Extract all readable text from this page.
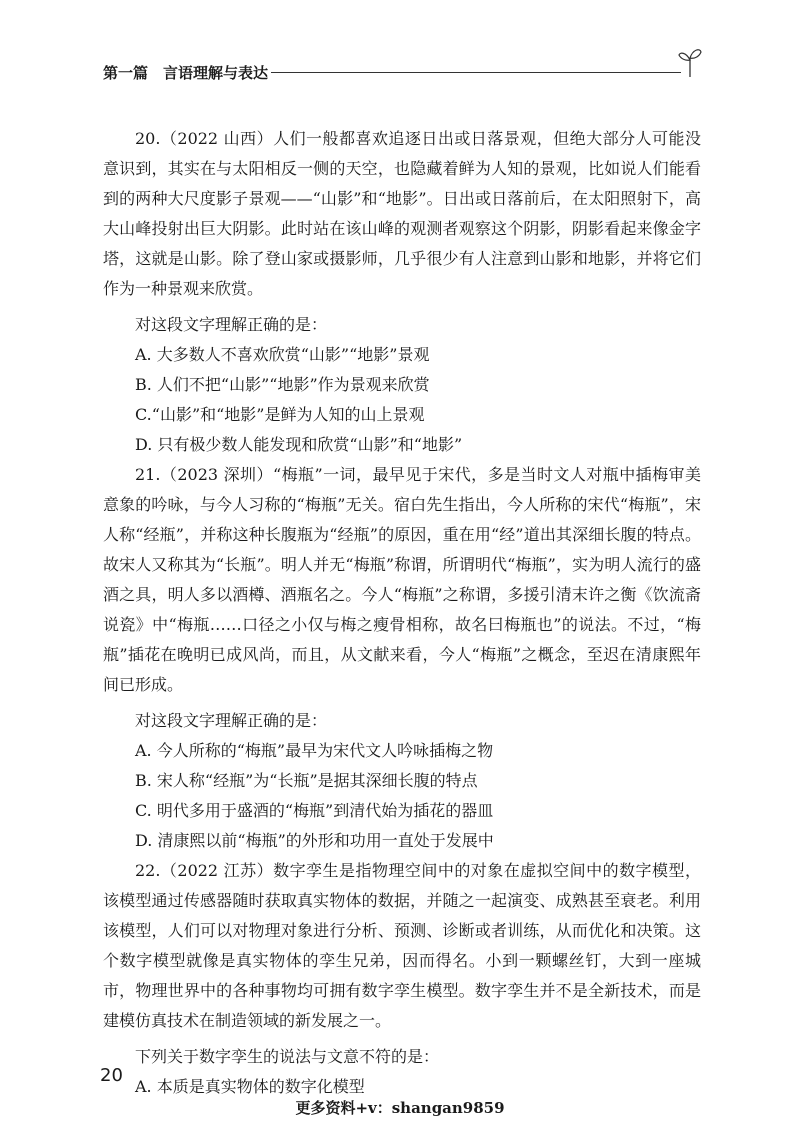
第一篇　言语理解与表达

20.（2022 山西）人们一般都喜欢追逐日出或日落景观，但绝大部分人可能没意识到，其实在与太阳相反一侧的天空，也隐藏着鲜为人知的景观，比如说人们能看到的两种大尺度影子景观——“山影”和“地影”。日出或日落前后，在太阳照射下，高大山峰投射出巨大阴影。此时站在该山峰的观测者观察这个阴影，阴影看起来像金字塔，这就是山影。除了登山家或摄影师，几乎很少有人注意到山影和地影，并将它们作为一种景观来欣赏。

对这段文字理解正确的是：

A. 大多数人不喜欢欣赏“山影”“地影”景观

B. 人们不把“山影”“地影”作为景观来欣赏

C.“山影”和“地影”是鲜为人知的山上景观

D. 只有极少数人能发现和欣赏“山影”和“地影”

21.（2023 深圳）“梅瓶”一词，最早见于宋代，多是当时文人对瓶中插梅审美意象的吟咏，与今人习称的“梅瓶”无关。宿白先生指出，今人所称的宋代“梅瓶”，宋人称“经瓶”，并称这种长腹瓶为“经瓶”的原因，重在用“经”道出其深细长腹的特点。故宋人又称其为“长瓶”。明人并无“梅瓶”称谓，所谓明代“梅瓶”，实为明人流行的盛酒之具，明人多以酒樽、酒瓶名之。今人“梅瓶”之称谓，多援引清末许之衡《饮流斋说瓷》中“梅瓶……口径之小仅与梅之瘦骨相称，故名曰梅瓶也”的说法。不过，“梅瓶”插花在晚明已成风尚，而且，从文献来看，今人“梅瓶”之概念，至迟在清康熙年间已形成。

对这段文字理解正确的是：

A. 今人所称的“梅瓶”最早为宋代文人吟咏插梅之物

B. 宋人称“经瓶”为“长瓶”是据其深细长腹的特点

C. 明代多用于盛酒的“梅瓶”到清代始为插花的器皿

D. 清康熙以前“梅瓶”的外形和功用一直处于发展中

22.（2022 江苏）数字孪生是指物理空间中的对象在虚拟空间中的数字模型，该模型通过传感器随时获取真实物体的数据，并随之一起演变、成熟甚至衰老。利用该模型，人们可以对物理对象进行分析、预测、诊断或者训练，从而优化和决策。这个数字模型就像是真实物体的孪生兄弟，因而得名。小到一颗螺丝钉，大到一座城市，物理世界中的各种事物均可拥有数字孪生模型。数字孪生并不是全新技术，而是建模仿真技术在制造领域的新发展之一。

下列关于数字孪生的说法与文意不符的是：

A. 本质是真实物体的数字化模型

20
更多资料+v：shangan9859
